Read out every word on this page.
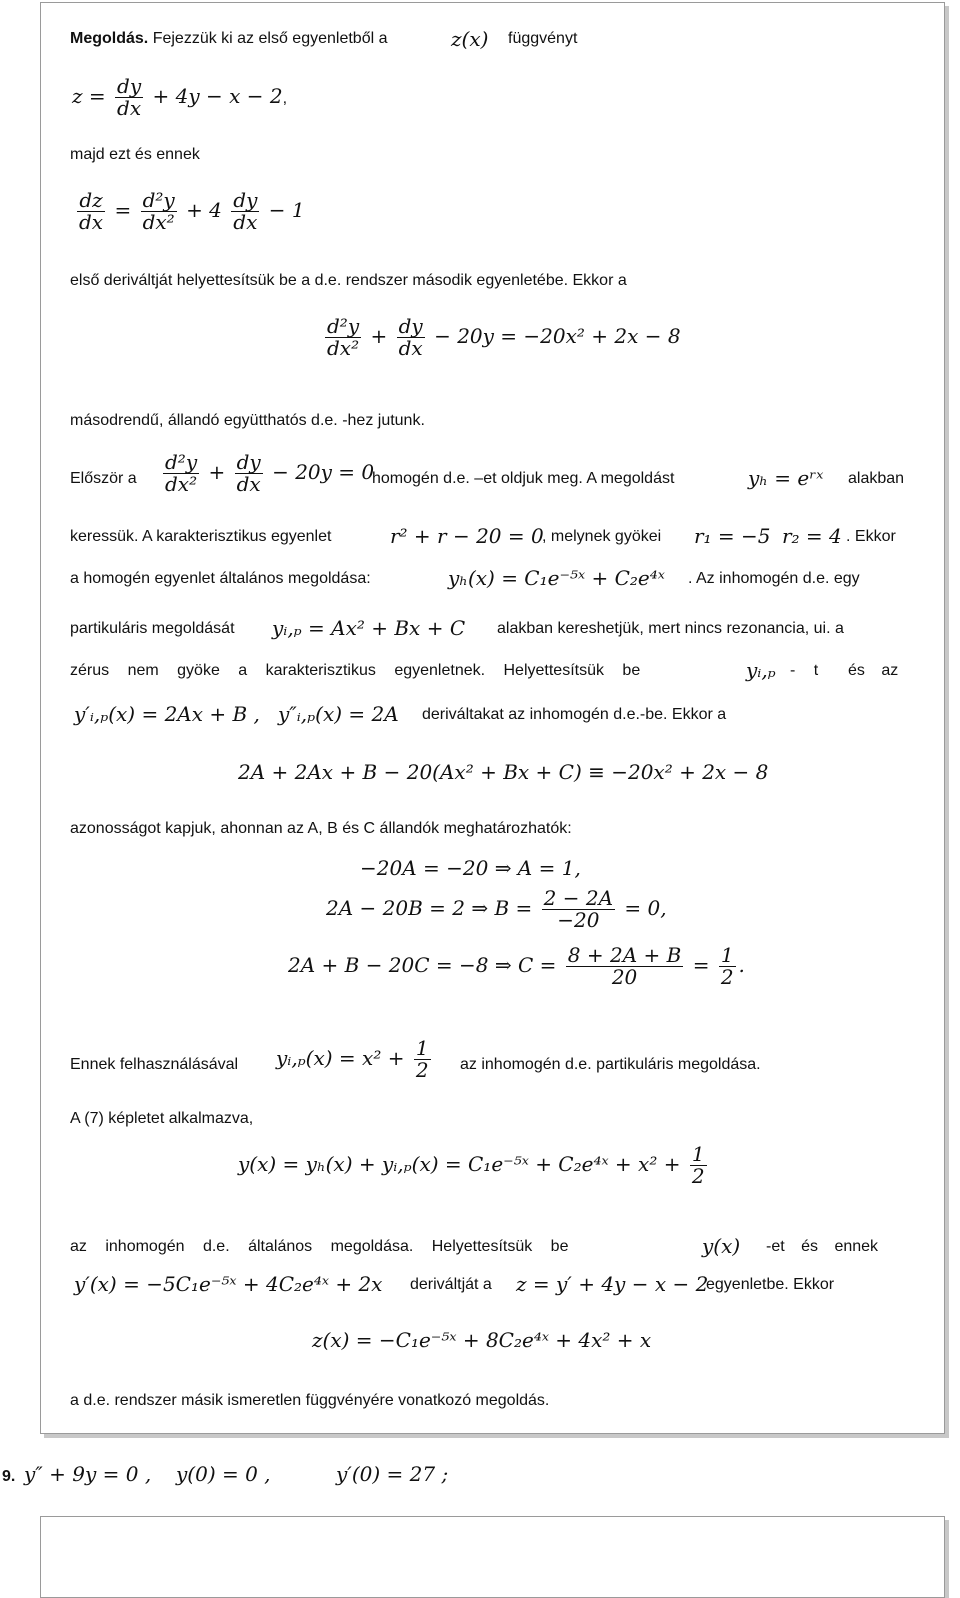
Megoldás. Fejezzük ki az első egyenletből a	z(x) függvényt
$z = \frac{dy}{dx} + 4y - x - 2$,
majd ezt és ennek
$\frac{dz}{dx} = \frac{\text{d²y}}{\text{dx²}} + 4 \frac{dy}{dx} - 1$
első deriváltját helyettesítsük be a d.e. rendszer második egyenletébe. Ekkor a
$\frac{\text{d²y}}{\text{dx²}} + \frac{dy}{dx} - 20y = -20x^2 + 2x - 8$
másodrendű, állandó együtthatós d.e. -hez jutunk.
Először a $\frac{\text{d²y}}{\text{dx²}} + \frac{dy}{dx} - 20y = 0$
homogén d.e. –et oldjuk meg. A megoldást	yₕ = eʳˣ alakban
keressük. A karakterisztikus egyenlet	r² + r − 20 = 0
, melynek gyökei r₁ = −5 r₂ = 4 . Ekkor
a homogén egyenlet általános megoldása:	yₕ(x) = C₁e⁻⁵ˣ + C₂e⁴ˣ . Az inhomogén d.e. egy
partikuláris megoldását yᵢ,ₚ = Ax² + Bx + C alakban kereshetjük, mert nincs rezonancia, ui. a
zérus nem gyöke a karakterisztikus egyenletnek. Helyettesítsük be	yᵢ,ₚ - t és az
y′ᵢ,ₚ(x) = 2Ax + B , y″ᵢ,ₚ(x) = 2A deriváltakat az inhomogén d.e.-be. Ekkor a
2A + 2Ax + B − 20(Ax² + Bx + C) ≡ −20x² + 2x − 8
azonosságot kapjuk, ahonnan az A, B és C állandók meghatározhatók:
−20A = −20 ⇒ A = 1,
2A − 20B = 2 ⇒ $B = \frac{2 - 2A}{-20} = 0$,
2A + B − 20C = −8 ⇒ $C = \frac{8 + 2A + B}{20} = \frac{1}{2}$ .
Ennek felhasználásával yᵢ,ₚ(x) = $x^2 + \frac{1}{2}$ az inhomogén d.e. partikuláris megoldása.
A (7) képletet alkalmazva,
y(x) = yₕ(x) + yᵢ,ₚ(x) = C₁e⁻⁵ˣ + C₂e⁴ˣ + $x^2 + \frac{1}{2}$
az inhomogén d.e. általános megoldása. Helyettesítsük be	y(x) -et és ennek
y′(x) = −5C₁e⁻⁵ˣ + 4C₂e⁴ˣ + 2x deriváltját a z = y′ + 4y − x − 2
egyenletbe. Ekkor
z(x) = −C₁e⁻⁵ˣ + 8C₂e⁴ˣ + 4x² + x
a d.e. rendszer másik ismeretlen függvényére vonatkozó megoldás.
9. y″ + 9y = 0 , y(0) = 0 ,	y′(0) = 27 ;
